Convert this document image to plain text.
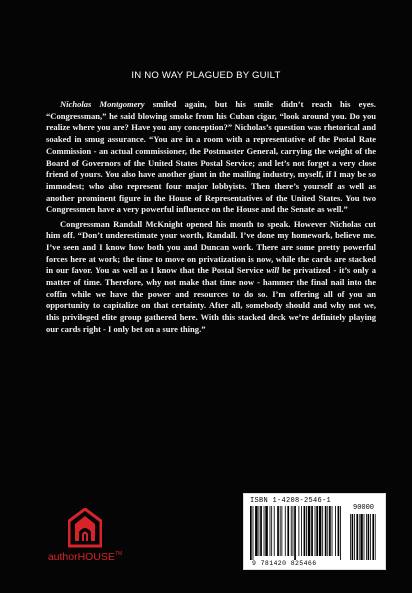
IN NO WAY PLAGUED BY GUILT

Nicholas Montgomery smiled again, but his smile didn’t reach his eyes. “Congressman,” he said blowing smoke from his Cuban cigar, “look around you. Do you realize where you are? Have you any conception?” Nicholas’s question was rhetorical and soaked in smug assurance. “You are in a room with a representative of the Postal Rate Commission - an actual commissioner, the Postmaster General, carrying the weight of the Board of Governors of the United States Postal Service; and let’s not forget a very close friend of yours. You also have another giant in the mailing industry, myself, if I may be so immodest; who also represent four major lobbyists. Then there’s yourself as well as another prominent figure in the House of Representatives of the United States. You two Congressmen have a very powerful influence on the House and the Senate as well.”

Congressman Randall McKnight opened his mouth to speak. However Nicholas cut him off. “Don’t underestimate your worth, Randall. I’ve done my homework, believe me. I’ve seen and I know how both you and Duncan work. There are some pretty powerful forces here at work; the time to move on privatization is now, while the cards are stacked in our favor. You as well as I know that the Postal Service will be privatized - it’s only a matter of time. Therefore, why not make that time now - hammer the final nail into the coffin while we have the power and resources to do so. I’m offering all of you an opportunity to capitalize on that certainty. After all, somebody should and why not we, this privileged elite group gathered here. With this stacked deck we’re definitely playing our cards right - I only bet on a sure thing.”

authorHOUSE™
ISBN 1-4208-2546-1
90000
9 781420 825466
